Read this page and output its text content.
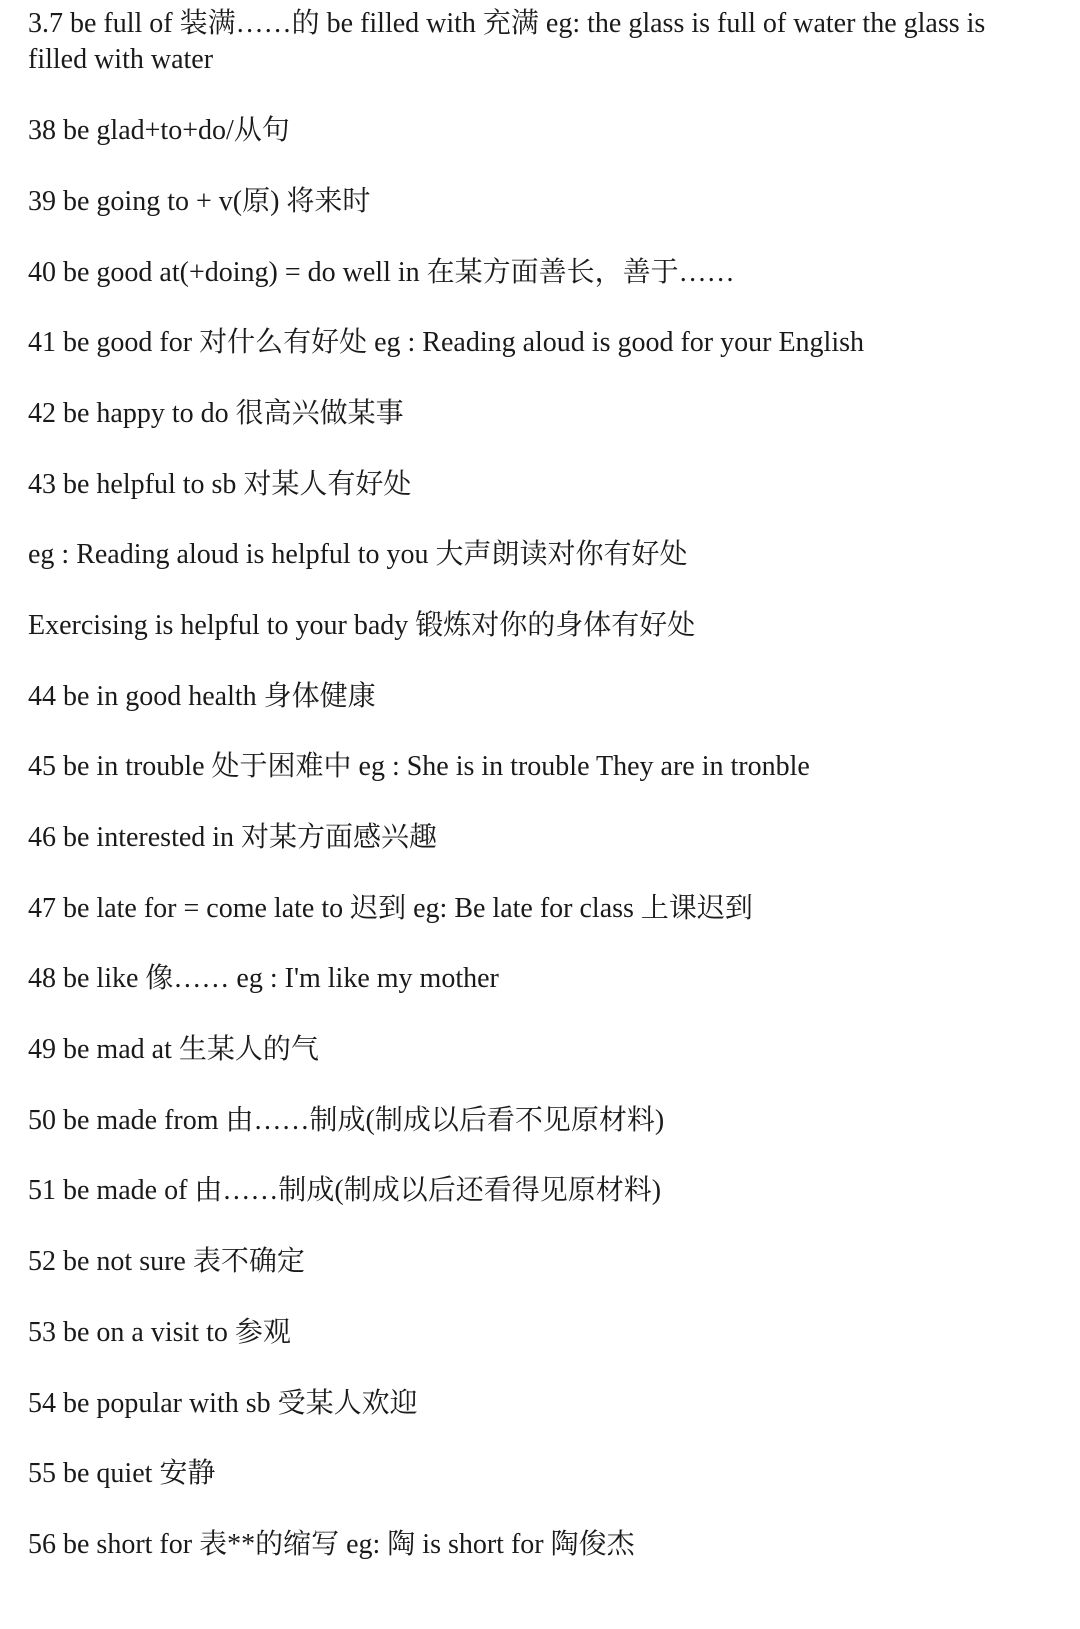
3.7 be full of 装满……的 be filled with 充满 eg: the glass is full of water the glass is filled with water
38 be glad+to+do/从句
39 be going to + v(原) 将来时
40 be good at(+doing) = do well in 在某方面善长，善于……
41 be good for 对什么有好处 eg : Reading aloud is good for your English
42 be happy to do 很高兴做某事
43 be helpful to sb 对某人有好处
eg : Reading aloud is helpful to you 大声朗读对你有好处
Exercising is helpful to your bady 锻炼对你的身体有好处
44 be in good health 身体健康
45 be in trouble 处于困难中 eg : She is in trouble They are in tronble
46 be interested in 对某方面感兴趣
47 be late for = come late to 迟到 eg: Be late for class 上课迟到
48 be like 像…… eg : I'm like my mother
49 be mad at 生某人的气
50 be made from 由……制成(制成以后看不见原材料)
51 be made of 由……制成(制成以后还看得见原材料)
52 be not sure 表不确定
53 be on a visit to 参观
54 be popular with sb 受某人欢迎
55 be quiet 安静
56 be short for 表**的缩写 eg: 陶 is short for 陶俊杰
